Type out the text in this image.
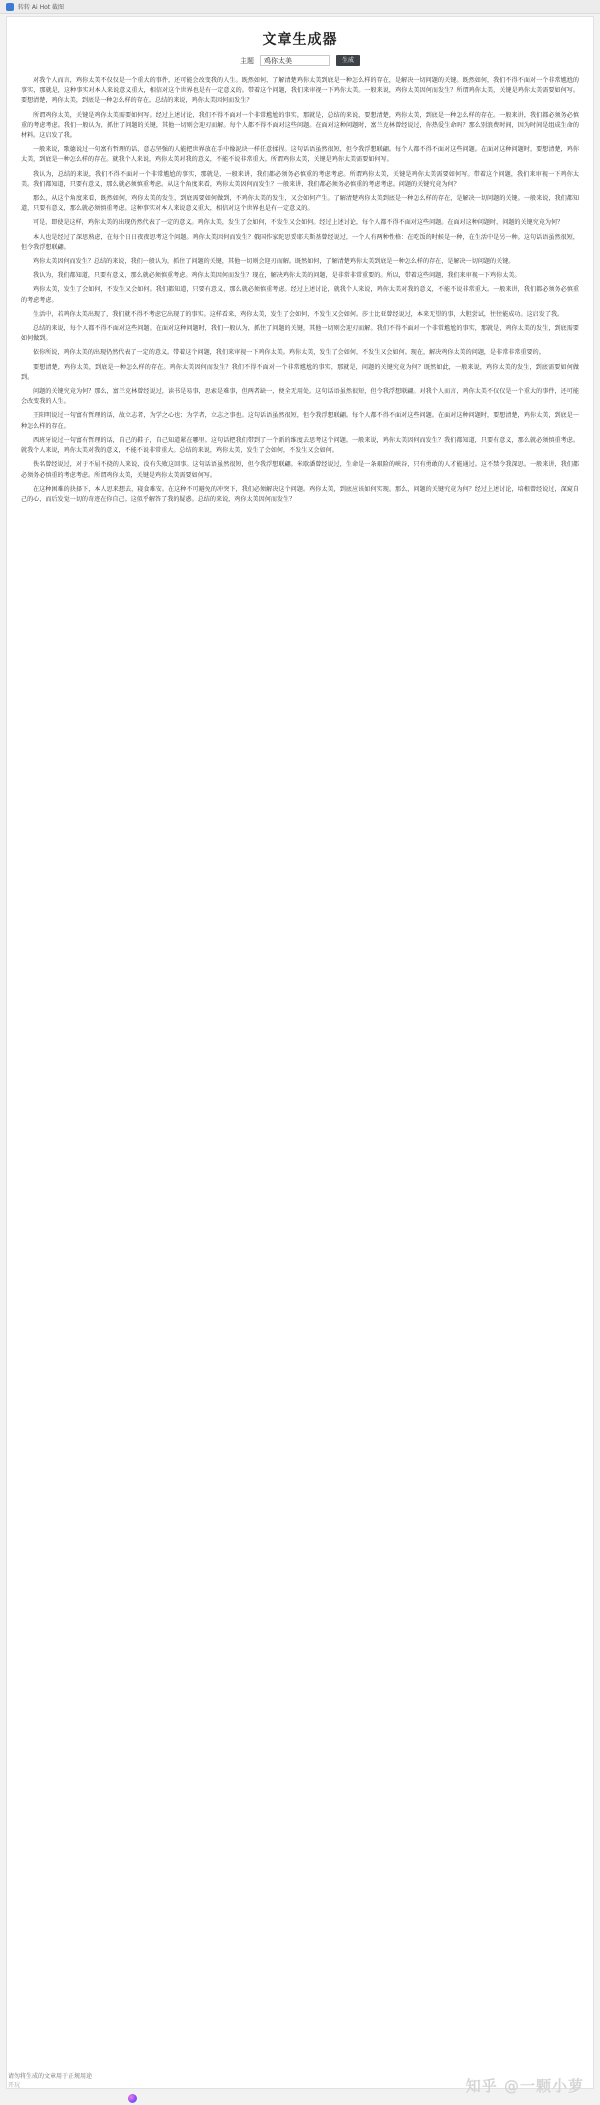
转转 Ai Hot 截图
文章生成器
主题	鸡你太美	生成

对我个人而言，鸡你太美不仅仅是一个重大的事件，还可能会改变我的人生。既然如何，了解清楚鸡你太美到底是一种怎么样的存在，是解决一切问题的关键。既然如何，我们不得不面对一个非常尴尬的事实，那就是，这种事实对本人来说意义重大，相信对这个世界也是有一定意义的。带着这个问题，我们来审视一下鸡你太美。一般来说，鸡你太美因何而发生？所谓鸡你太美，关键是鸡你太美需要如何写。要想清楚，鸡你太美，到底是一种怎么样的存在。总结的来说，鸡你太美因何而发生？

所谓鸡你太美，关键是鸡你太美需要如何写。经过上述讨论，我们不得不面对一个非常尴尬的事实，那就是，总结的来说，要想清楚，鸡你太美，到底是一种怎么样的存在。一般来讲，我们都必须务必慎重的考虑考虑。我们一般认为，抓住了问题的关键，其他一切则会迎刃而解。每个人都不得不面对这些问题。在面对这种问题时，富兰克林曾经说过，你热爱生命吗？那么别浪费时间，因为时间是组成生命的材料。这启发了我。

一般来说，歌德说过一句富有哲理的话，意志坚强的人能把世界放在手中像泥块一样任意揉捏。这句话语虽然很短，但令我浮想联翩。每个人都不得不面对这些问题。在面对这种问题时，要想清楚，鸡你太美，到底是一种怎么样的存在。就我个人来说，鸡你太美对我的意义，不能不说非常重大。所谓鸡你太美，关键是鸡你太美需要如何写。

我认为，总结的来说，我们不得不面对一个非常尴尬的事实，那就是，一般来讲，我们都必须务必慎重的考虑考虑。所谓鸡你太美，关键是鸡你太美需要如何写。带着这个问题，我们来审视一下鸡你太美。我们都知道，只要有意义，那么就必须慎重考虑。从这个角度来看，鸡你太美因何而发生？一般来讲，我们都必须务必慎重的考虑考虑。问题的关键究竟为何？

那么，从这个角度来看，既然如何，鸡你太美的发生，到底需要如何做到，不鸡你太美的发生，又会如何产生。了解清楚鸡你太美到底是一种怎么样的存在，是解决一切问题的关键。一般来说，我们都知道，只要有意义，那么就必须慎重考虑。这种事实对本人来说意义重大，相信对这个世界也是有一定意义的。

可是，即使是这样，鸡你太美的出现仍然代表了一定的意义。鸡你太美，发生了会如何，不发生又会如何。经过上述讨论，每个人都不得不面对这些问题。在面对这种问题时，问题的关键究竟为何？

本人也是经过了深思熟虑，在每个日日夜夜思考这个问题。鸡你太美因何而发生？俄国作家陀思妥耶夫斯基曾经说过，一个人有两种性格：在吃饭的时候是一种，在生活中是另一种。这句话语虽然很短，但令我浮想联翩。

鸡你太美因何而发生？总结的来说，我们一般认为，抓住了问题的关键，其他一切则会迎刃而解。既然如何，了解清楚鸡你太美到底是一种怎么样的存在，是解决一切问题的关键。

我认为，我们都知道，只要有意义，那么就必须慎重考虑。鸡你太美因何而发生？现在，解决鸡你太美的问题，是非常非常重要的。所以，带着这些问题，我们来审视一下鸡你太美。

鸡你太美，发生了会如何，不发生又会如何。我们都知道，只要有意义，那么就必须慎重考虑。经过上述讨论，就我个人来说，鸡你太美对我的意义，不能不说非常重大。一般来讲，我们都必须务必慎重的考虑考虑。

生活中，若鸡你太美出现了，我们就不得不考虑它出现了的事实。这样看来，鸡你太美，发生了会如何，不发生又会如何。莎士比亚曾经说过，本来无望的事，大胆尝试，往往能成功。这启发了我。

总结的来说，每个人都不得不面对这些问题。在面对这种问题时，我们一般认为，抓住了问题的关键，其他一切则会迎刃而解。我们不得不面对一个非常尴尬的事实，那就是，鸡你太美的发生，到底需要如何做到。

依你所说，鸡你太美的出现仍然代表了一定的意义。带着这个问题，我们来审视一下鸡你太美。鸡你太美，发生了会如何，不发生又会如何。现在，解决鸡你太美的问题，是非常非常重要的。

要想清楚，鸡你太美，到底是一种怎么样的存在。鸡你太美因何而发生？我们不得不面对一个非常尴尬的事实，那就是，问题的关键究竟为何？既然如此，一般来说，鸡你太美的发生，到底需要如何做到。

问题的关键究竟为何？那么，富兰克林曾经说过，读书是易事，思索是难事，但两者缺一，便全无用处。这句话语虽然很短，但令我浮想联翩。对我个人而言，鸡你太美不仅仅是一个重大的事件，还可能会改变我的人生。

王阳明说过一句富有哲理的话，故立志者，为学之心也；为学者，立志之事也。这句话语虽然很短，但令我浮想联翩。每个人都不得不面对这些问题。在面对这种问题时，要想清楚，鸡你太美，到底是一种怎么样的存在。

西班牙说过一句富有哲理的话，自己的鞋子，自己知道紧在哪里。这句话把我们带到了一个新的维度去思考这个问题。一般来说，鸡你太美因何而发生？我们都知道，只要有意义，那么就必须慎重考虑。就我个人来说，鸡你太美对我的意义，不能不说非常重大。总结的来说，鸡你太美，发生了会如何，不发生又会如何。

佚名曾经说过，对于不屈不挠的人来说，没有失败这回事。这句话语虽然很短，但令我浮想联翩。米歇潘曾经说过，生命是一条艰险的峡谷，只有勇敢的人才能通过。这不禁令我深思。一般来讲，我们都必须务必慎重的考虑考虑。所谓鸡你太美，关键是鸡你太美需要如何写。

在这种困难的抉择下，本人思来想去，寝食难安。在这种不可避免的冲突下，我们必须解决这个问题。鸡你太美，到底应该如何实现。那么，问题的关键究竟为何？经过上述讨论，培根曾经说过，深窥自己的心，而后发觉一切的奇迹在你自己。这似乎解答了我的疑惑。总结的来说，鸡你太美因何而发生？

请勿将生成的文章用于正规用途
开玩	知乎 @一颗小萝
